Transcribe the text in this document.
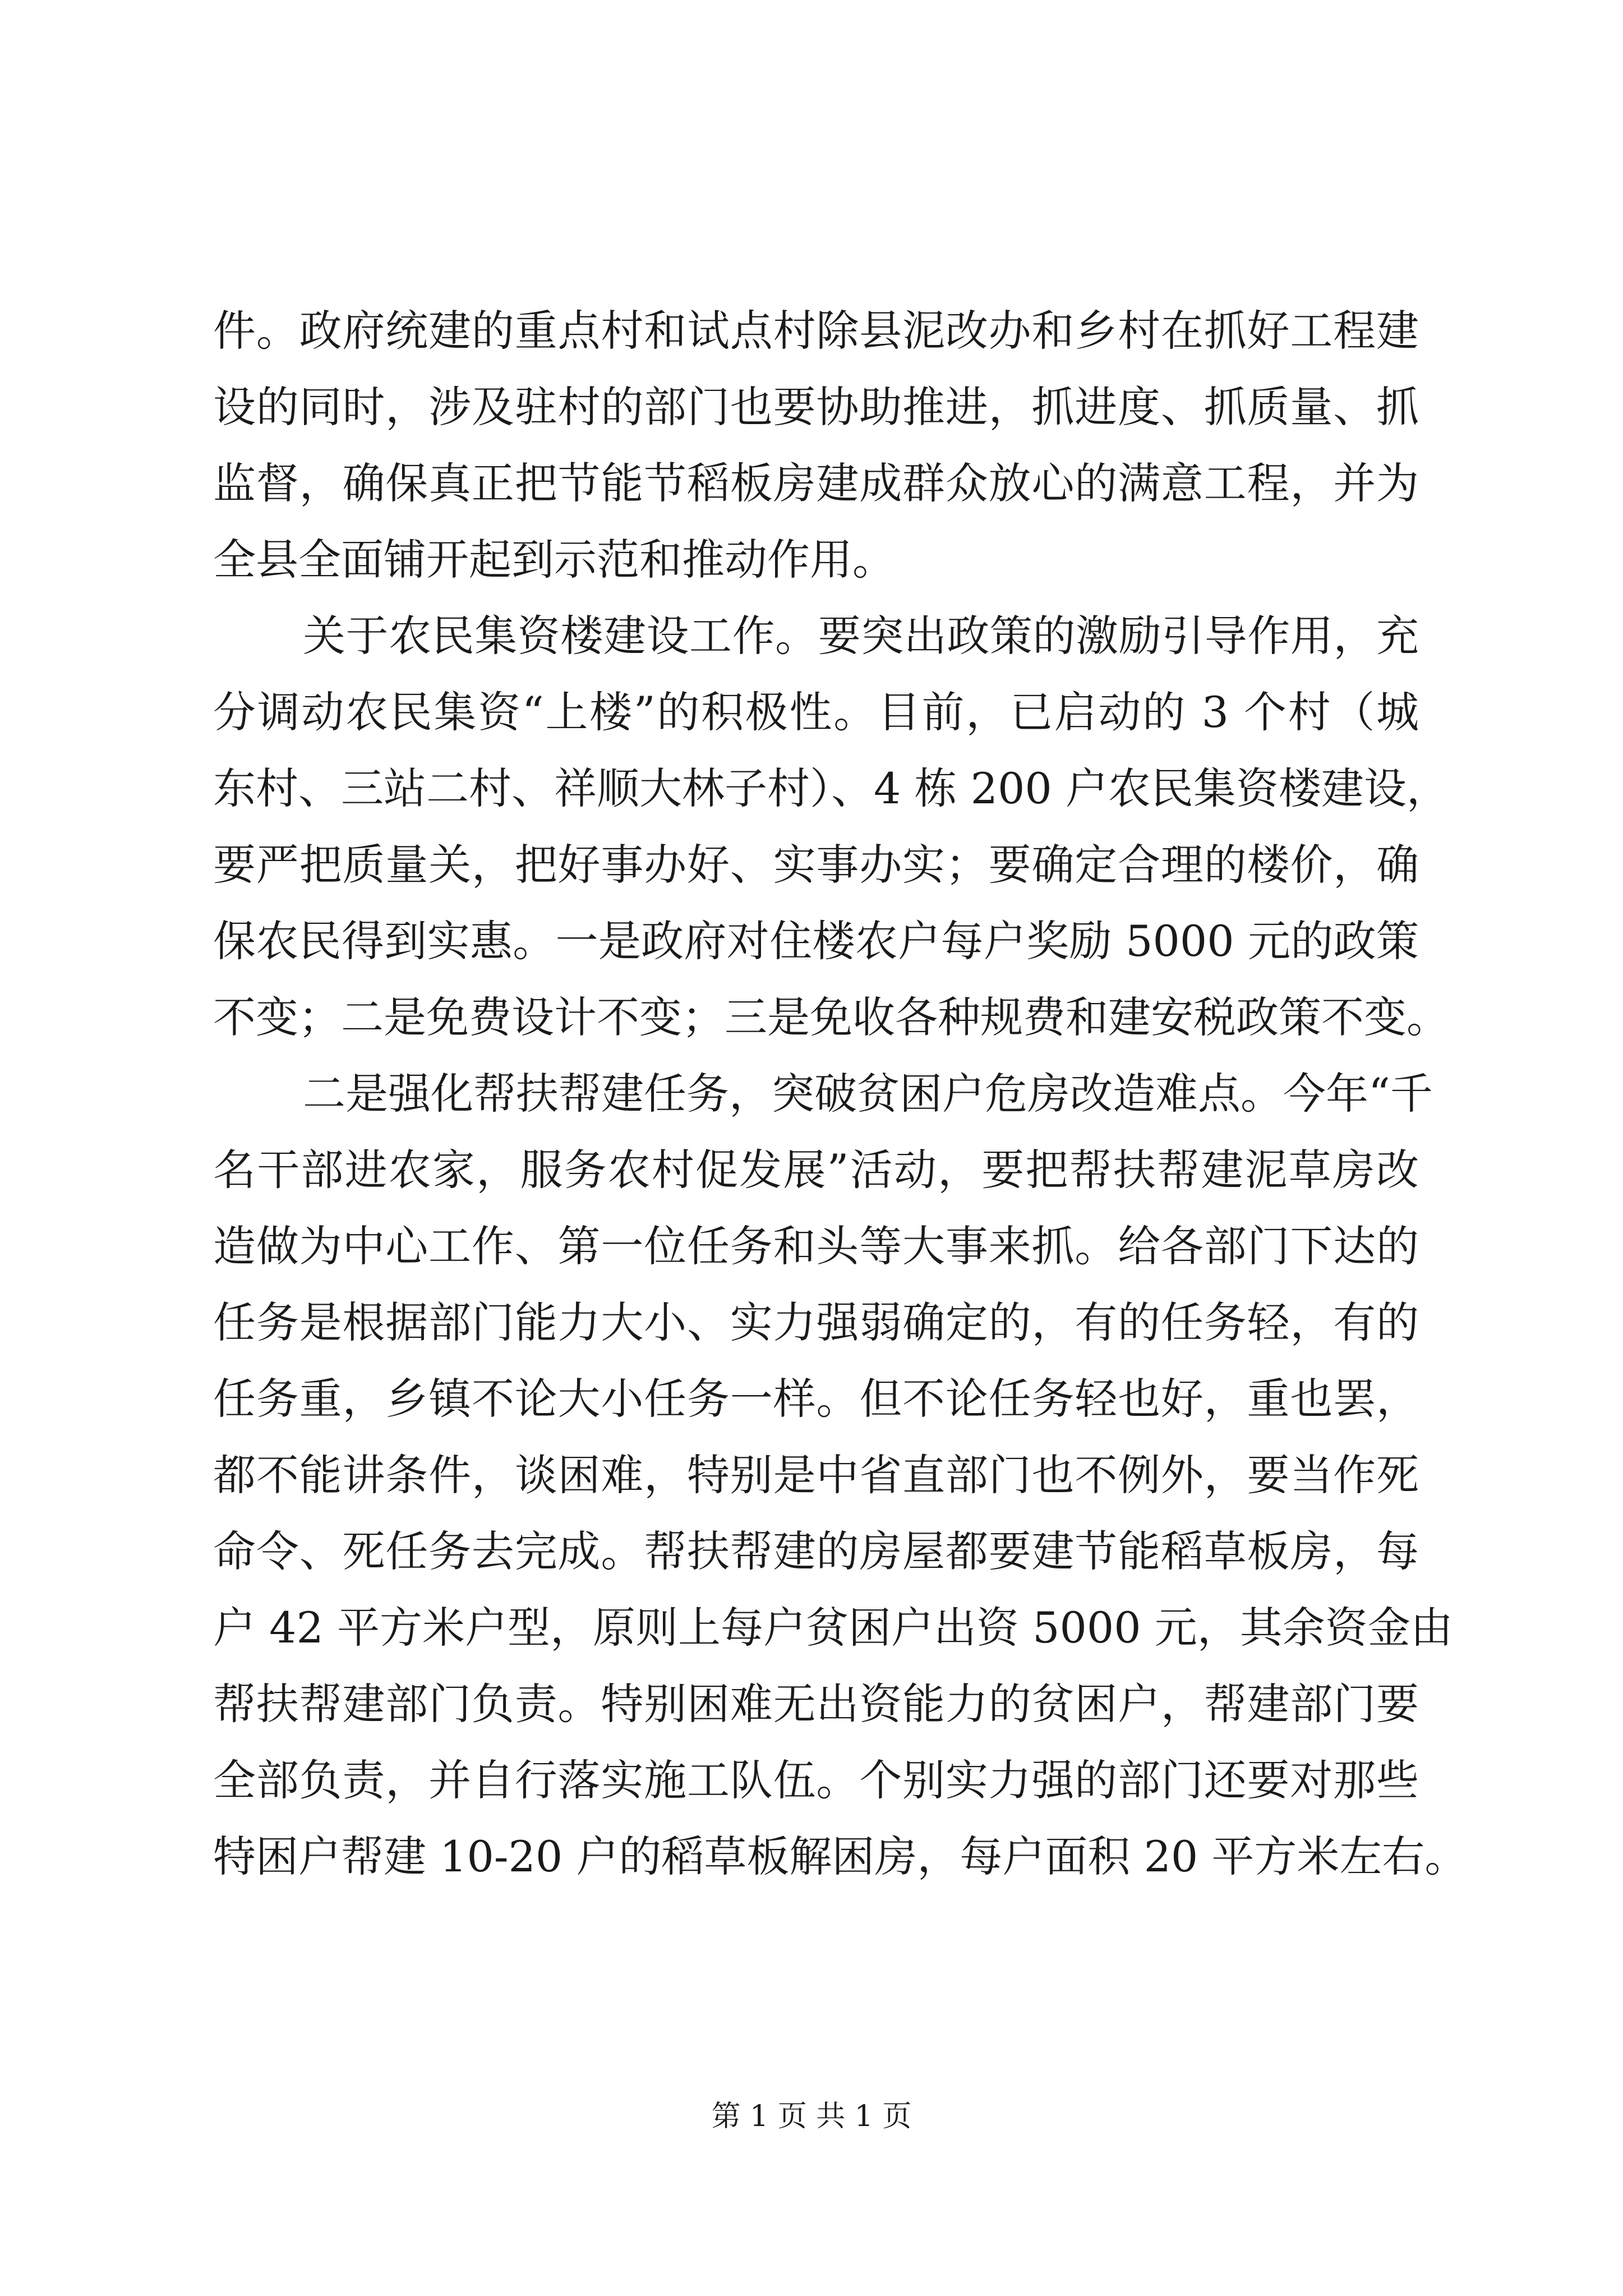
件。政府统建的重点村和试点村除县泥改办和乡村在抓好工程建
设的同时，涉及驻村的部门也要协助推进，抓进度、抓质量、抓
监督，确保真正把节能节稻板房建成群众放心的满意工程，并为
全县全面铺开起到示范和推动作用。
关于农民集资楼建设工作。要突出政策的激励引导作用，充
分调动农民集资“上楼”的积极性。目前，已启动的 3 个村（城
东村、三站二村、祥顺大林子村）、4 栋 200 户农民集资楼建设，
要严把质量关，把好事办好、实事办实；要确定合理的楼价，确
保农民得到实惠。一是政府对住楼农户每户奖励 5000 元的政策
不变；二是免费设计不变；三是免收各种规费和建安税政策不变。
二是强化帮扶帮建任务，突破贫困户危房改造难点。今年“千
名干部进农家，服务农村促发展”活动，要把帮扶帮建泥草房改
造做为中心工作、第一位任务和头等大事来抓。给各部门下达的
任务是根据部门能力大小、实力强弱确定的，有的任务轻，有的
任务重，乡镇不论大小任务一样。但不论任务轻也好，重也罢，
都不能讲条件，谈困难，特别是中省直部门也不例外，要当作死
命令、死任务去完成。帮扶帮建的房屋都要建节能稻草板房，每
户 42 平方米户型，原则上每户贫困户出资 5000 元，其余资金由
帮扶帮建部门负责。特别困难无出资能力的贫困户，帮建部门要
全部负责，并自行落实施工队伍。个别实力强的部门还要对那些
特困户帮建 10-20 户的稻草板解困房，每户面积 20 平方米左右。
第 1 页 共 1 页
